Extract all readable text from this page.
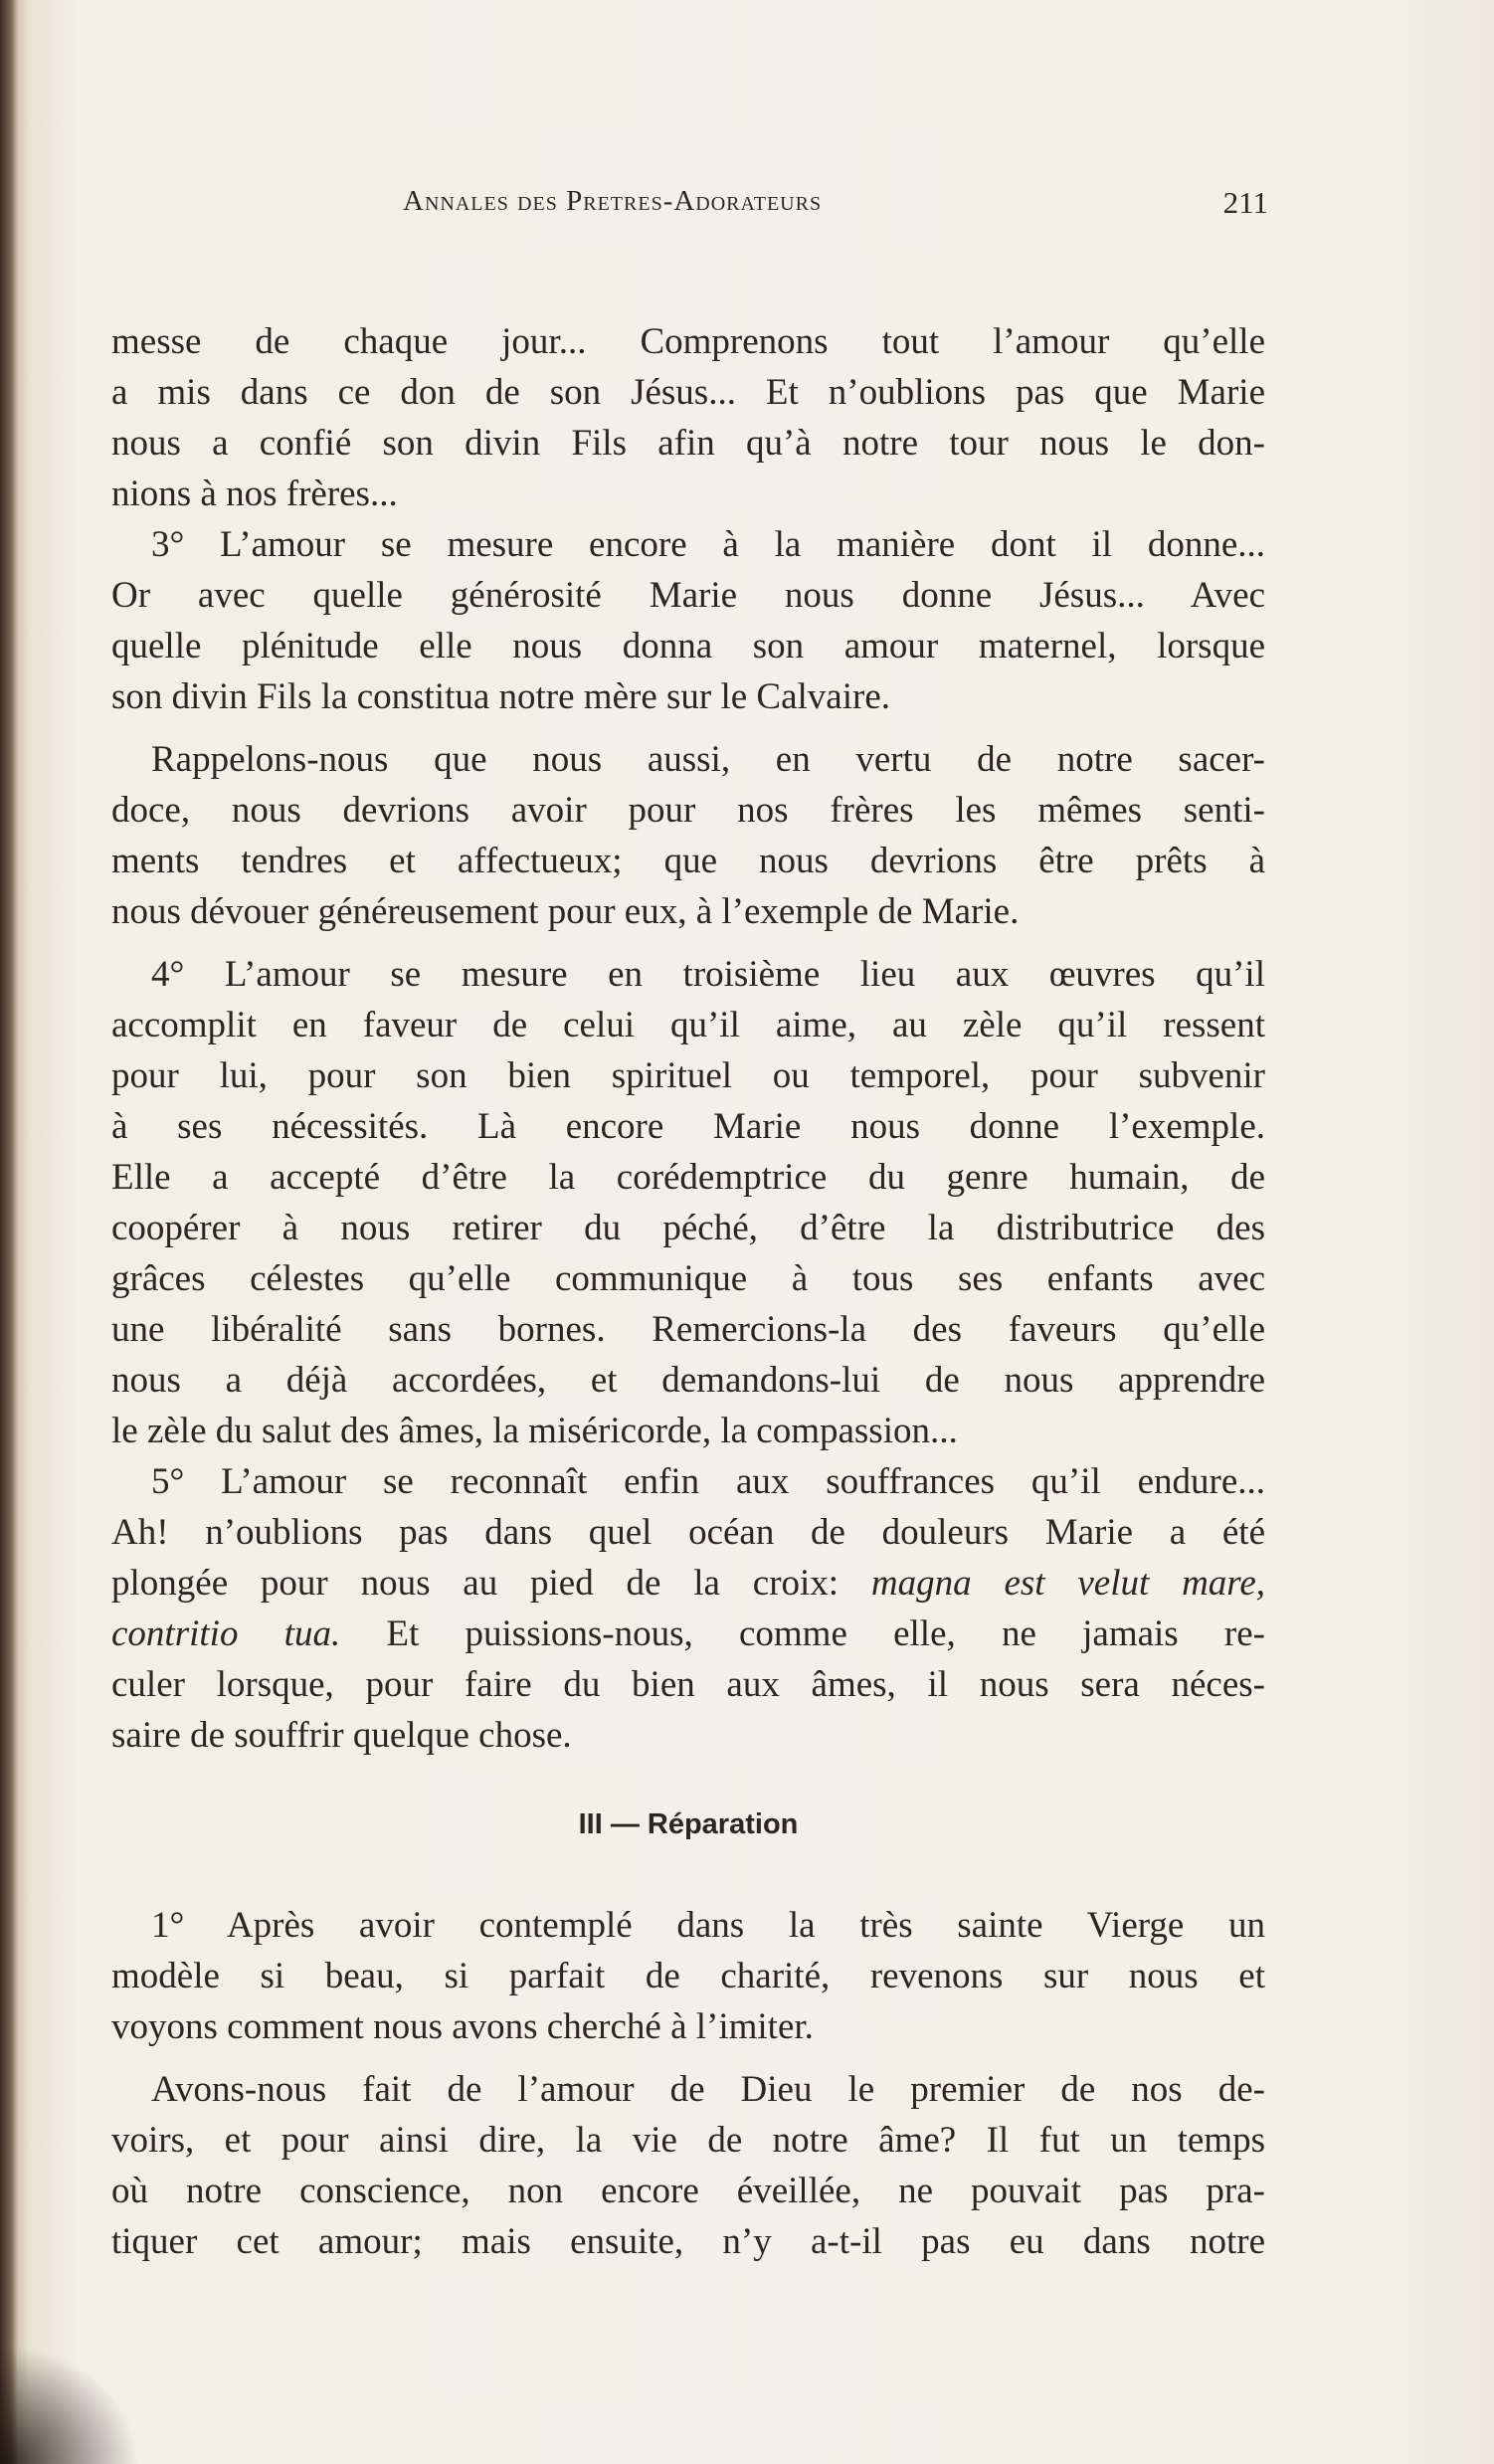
Annales des Pretres-Adorateurs	211

messe de chaque jour... Comprenons tout l’amour qu’elle

a mis dans ce don de son Jésus... Et n’oublions pas que Marie

nous a confié son divin Fils afin qu’à notre tour nous le don-

nions à nos frères...

3° L’amour se mesure encore à la manière dont il donne...

Or avec quelle générosité Marie nous donne Jésus... Avec

quelle plénitude elle nous donna son amour maternel, lorsque

son divin Fils la constitua notre mère sur le Calvaire.

Rappelons-nous que nous aussi, en vertu de notre sacer-

doce, nous devrions avoir pour nos frères les mêmes senti-

ments tendres et affectueux; que nous devrions être prêts à

nous dévouer généreusement pour eux, à l’exemple de Marie.

4° L’amour se mesure en troisième lieu aux œuvres qu’il

accomplit en faveur de celui qu’il aime, au zèle qu’il ressent

pour lui, pour son bien spirituel ou temporel, pour subvenir

à ses nécessités. Là encore Marie nous donne l’exemple.

Elle a accepté d’être la corédemptrice du genre humain, de

coopérer à nous retirer du péché, d’être la distributrice des

grâces célestes qu’elle communique à tous ses enfants avec

une libéralité sans bornes. Remercions-la des faveurs qu’elle

nous a déjà accordées, et demandons-lui de nous apprendre

le zèle du salut des âmes, la miséricorde, la compassion...

5° L’amour se reconnaît enfin aux souffrances qu’il endure...

Ah! n’oublions pas dans quel océan de douleurs Marie a été

plongée pour nous au pied de la croix: magna est velut mare,

contritio tua. Et puissions-nous, comme elle, ne jamais re-

culer lorsque, pour faire du bien aux âmes, il nous sera néces-

saire de souffrir quelque chose.

III — Réparation

1° Après avoir contemplé dans la très sainte Vierge un

modèle si beau, si parfait de charité, revenons sur nous et

voyons comment nous avons cherché à l’imiter.

Avons-nous fait de l’amour de Dieu le premier de nos de-

voirs, et pour ainsi dire, la vie de notre âme? Il fut un temps

où notre conscience, non encore éveillée, ne pouvait pas pra-

tiquer cet amour; mais ensuite, n’y a-t-il pas eu dans notre
